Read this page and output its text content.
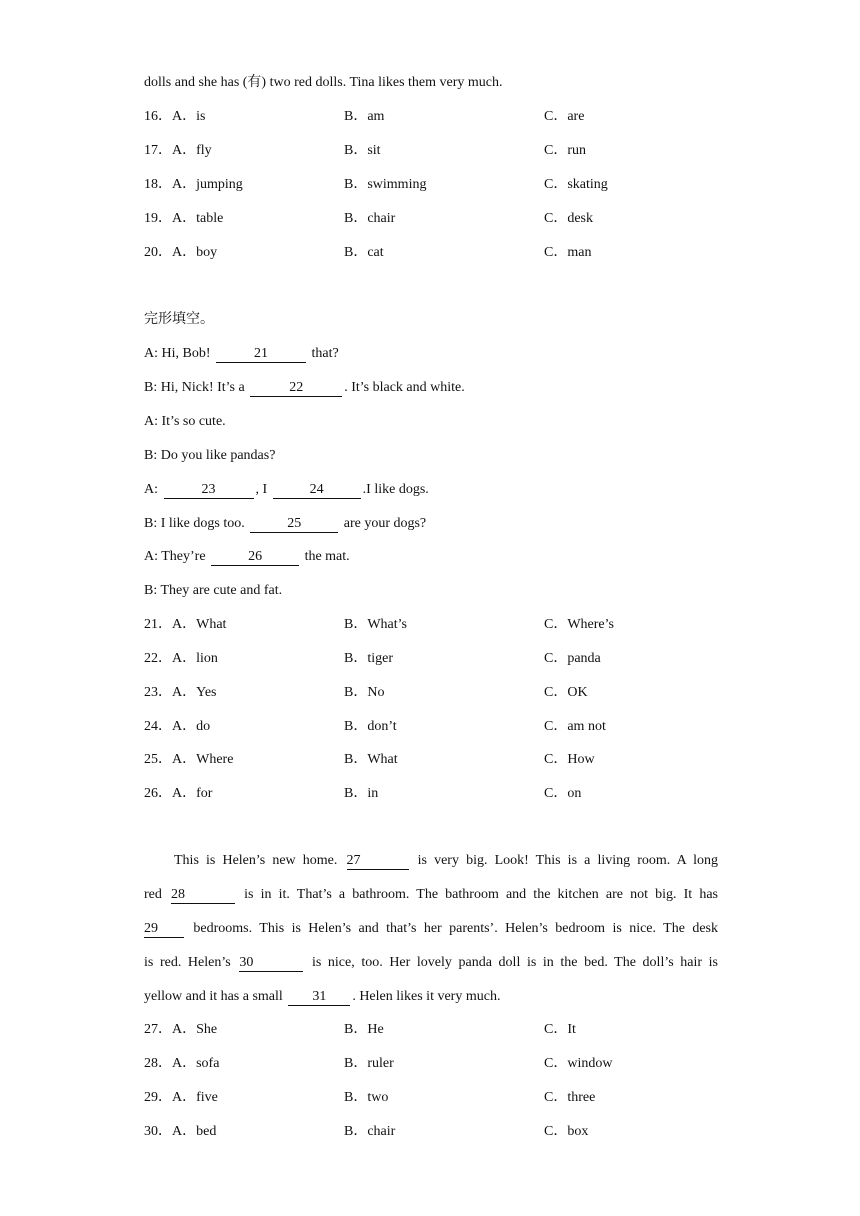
dolls and she has (有) two red dolls. Tina likes them very much.
16．A．is	B．am	C．are
17．A．fly	B．sit	C．run
18．A．jumping	B．swimming	C．skating
19．A．table	B．chair	C．desk
20．A．boy	B．cat	C．man
完形填空。
A: Hi, Bob!	21	that?
B: Hi, Nick! It’s a	22	. It’s black and white.
A: It’s so cute.
B: Do you like pandas?
A:	23	, I	24	.I like dogs.
B: I like dogs too.	25	are your dogs?
A: They’re	26	the mat.
B: They are cute and fat.
21．A．What	B．What’s	C．Where’s
22．A．lion	B．tiger	C．panda
23．A．Yes	B．No	C．OK
24．A．do	B．don’t	C．am not
25．A．Where	B．What	C．How
26．A．for	B．in	C．on
This is Helen’s new home. 27	is very big. Look! This is a living room. A long
red 28	is in it. That’s a bathroom. The bathroom and the kitchen are not big. It has
29 bedrooms. This is Helen’s and that’s her parents’. Helen’s bedroom is nice. The desk
is red. Helen’s 30	is nice, too. Her lovely panda doll is in the bed. The doll’s hair is
yellow and it has a small 31 . Helen likes it very much.
27．A．She	B．He	C．It
28．A．sofa	B．ruler	C．window
29．A．five	B．two	C．three
30．A．bed	B．chair	C．box
